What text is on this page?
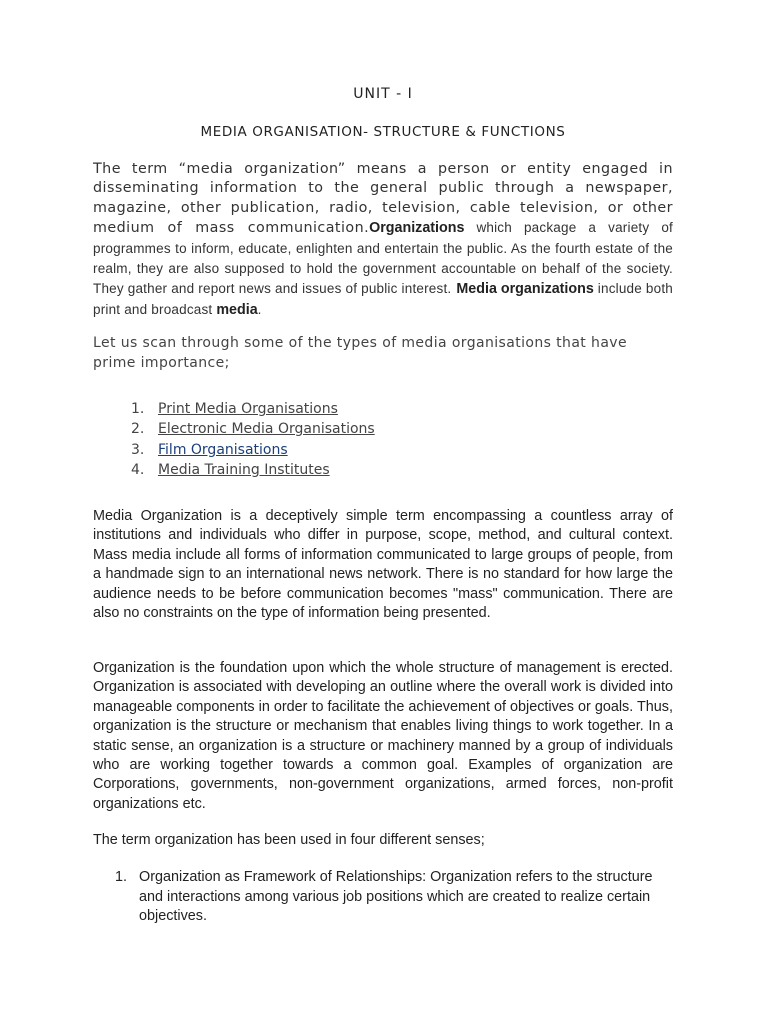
UNIT - I
MEDIA ORGANISATION- STRUCTURE & FUNCTIONS
The term “media organization” means a person or entity engaged in disseminating information to the general public through a newspaper, magazine, other publication, radio, television, cable television, or other medium of mass communication.Organizations which package a variety of programmes to inform, educate, enlighten and entertain the public. As the fourth estate of the realm, they are also supposed to hold the government accountable on behalf of the society. They gather and report news and issues of public interest. Media organizations include both print and broadcast media.
Let us scan through some of the types of media organisations that have prime importance;
1. Print Media Organisations
2. Electronic Media Organisations
3. Film Organisations
4. Media Training Institutes
Media Organization is a deceptively simple term encompassing a countless array of institutions and individuals who differ in purpose, scope, method, and cultural context. Mass media include all forms of information communicated to large groups of people, from a handmade sign to an international news network. There is no standard for how large the audience needs to be before communication becomes "mass" communication. There are also no constraints on the type of information being presented.
Organization is the foundation upon which the whole structure of management is erected. Organization is associated with developing an outline where the overall work is divided into manageable components in order to facilitate the achievement of objectives or goals. Thus, organization is the structure or mechanism that enables living things to work together. In a static sense, an organization is a structure or machinery manned by a group of individuals who are working together towards a common goal. Examples of organization are Corporations, governments, non-government organizations, armed forces, non-profit organizations etc.
The term organization has been used in four different senses;
1. Organization as Framework of Relationships: Organization refers to the structure and interactions among various job positions which are created to realize certain objectives.
